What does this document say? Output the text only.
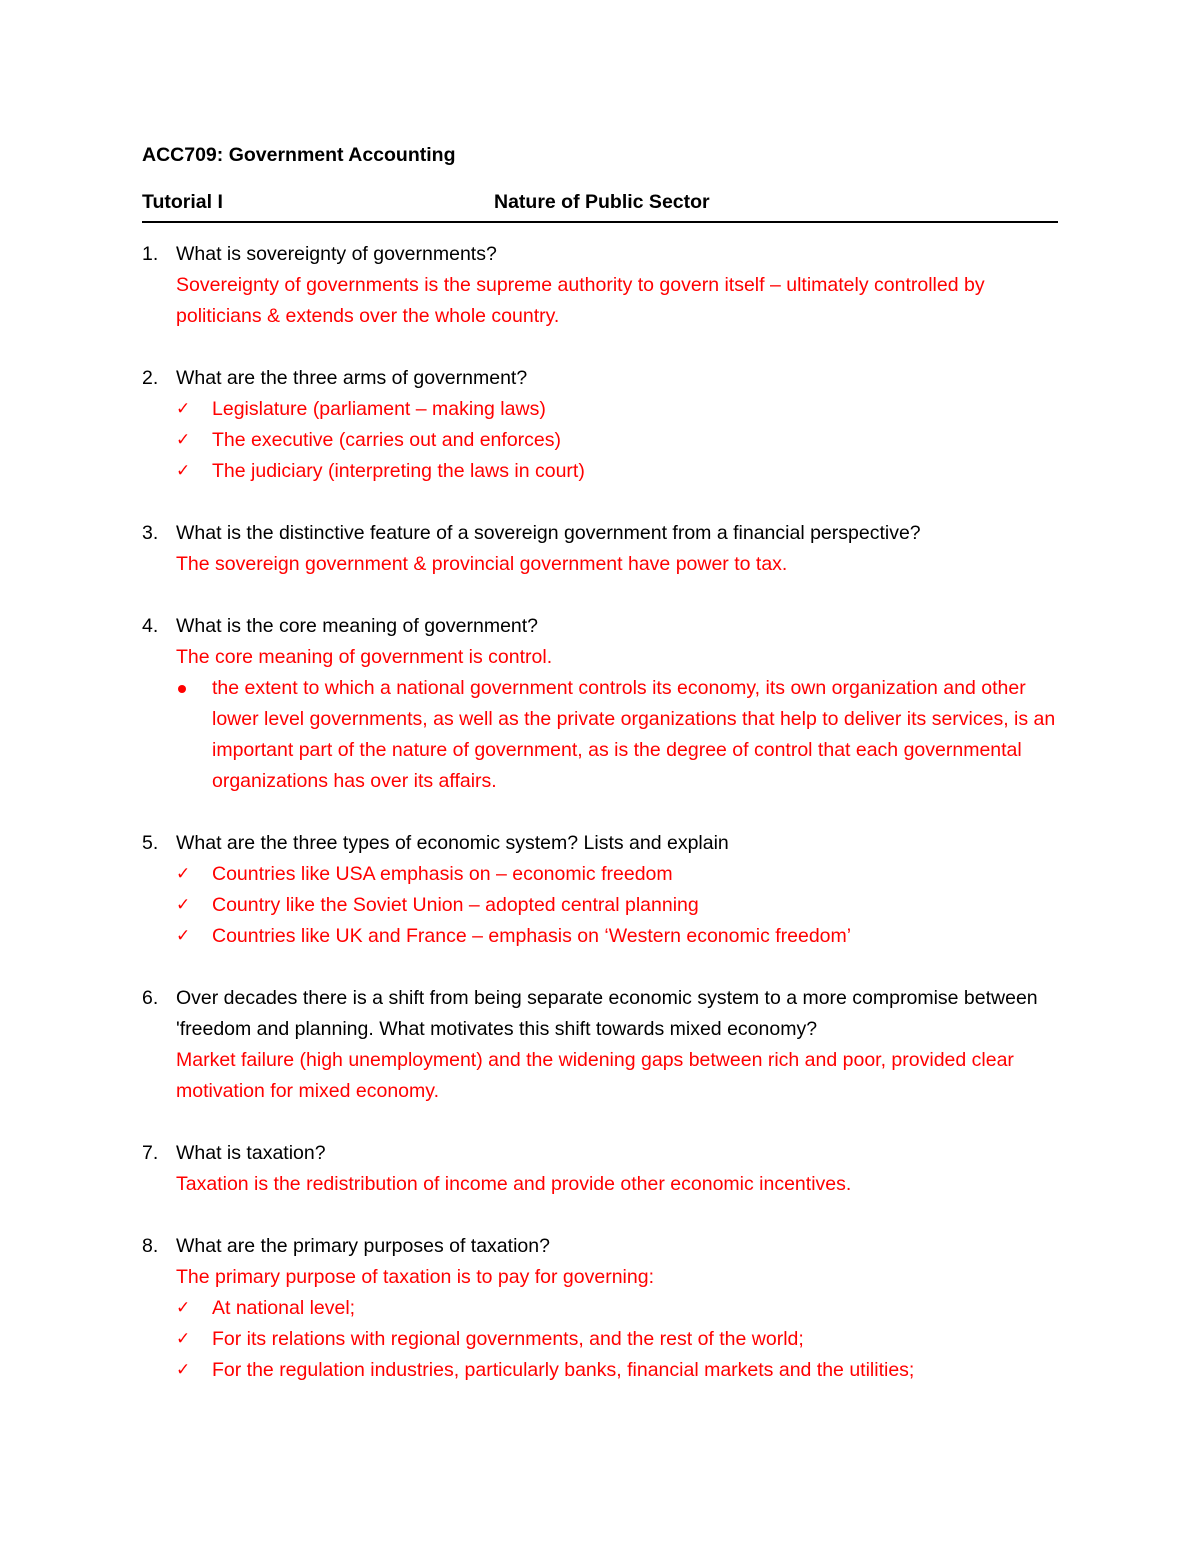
ACC709: Government Accounting

Tutorial I	Nature of Public Sector
1. What is sovereignty of governments?

Sovereignty of governments is the supreme authority to govern itself – ultimately controlled by politicians & extends over the whole country.

2. What are the three arms of government?

✓	Legislature (parliament – making laws)
✓	The executive (carries out and enforces)
✓	The judiciary (interpreting the laws in court)
3. What is the distinctive feature of a sovereign government from a financial perspective?

The sovereign government & provincial government have power to tax.

4. What is the core meaning of government?

The core meaning of government is control.

the extent to which a national government controls its economy, its own organization and other lower level governments, as well as the private organizations that help to deliver its services, is an important part of the nature of government, as is the degree of control that each governmental organizations has over its affairs.
5. What are the three types of economic system? Lists and explain

✓	Countries like USA emphasis on – economic freedom
✓	Country like the Soviet Union – adopted central planning
✓	Countries like UK and France – emphasis on ‘Western economic freedom’
6. Over decades there is a shift from being separate economic system to a more compromise between 'freedom and planning. What motivates this shift towards mixed economy?

Market failure (high unemployment) and the widening gaps between rich and poor, provided clear motivation for mixed economy.

7. What is taxation?

Taxation is the redistribution of income and provide other economic incentives.

8. What are the primary purposes of taxation?

The primary purpose of taxation is to pay for governing:

✓	At national level;
✓	For its relations with regional governments, and the rest of the world;
✓	For the regulation industries, particularly banks, financial markets and the utilities;
